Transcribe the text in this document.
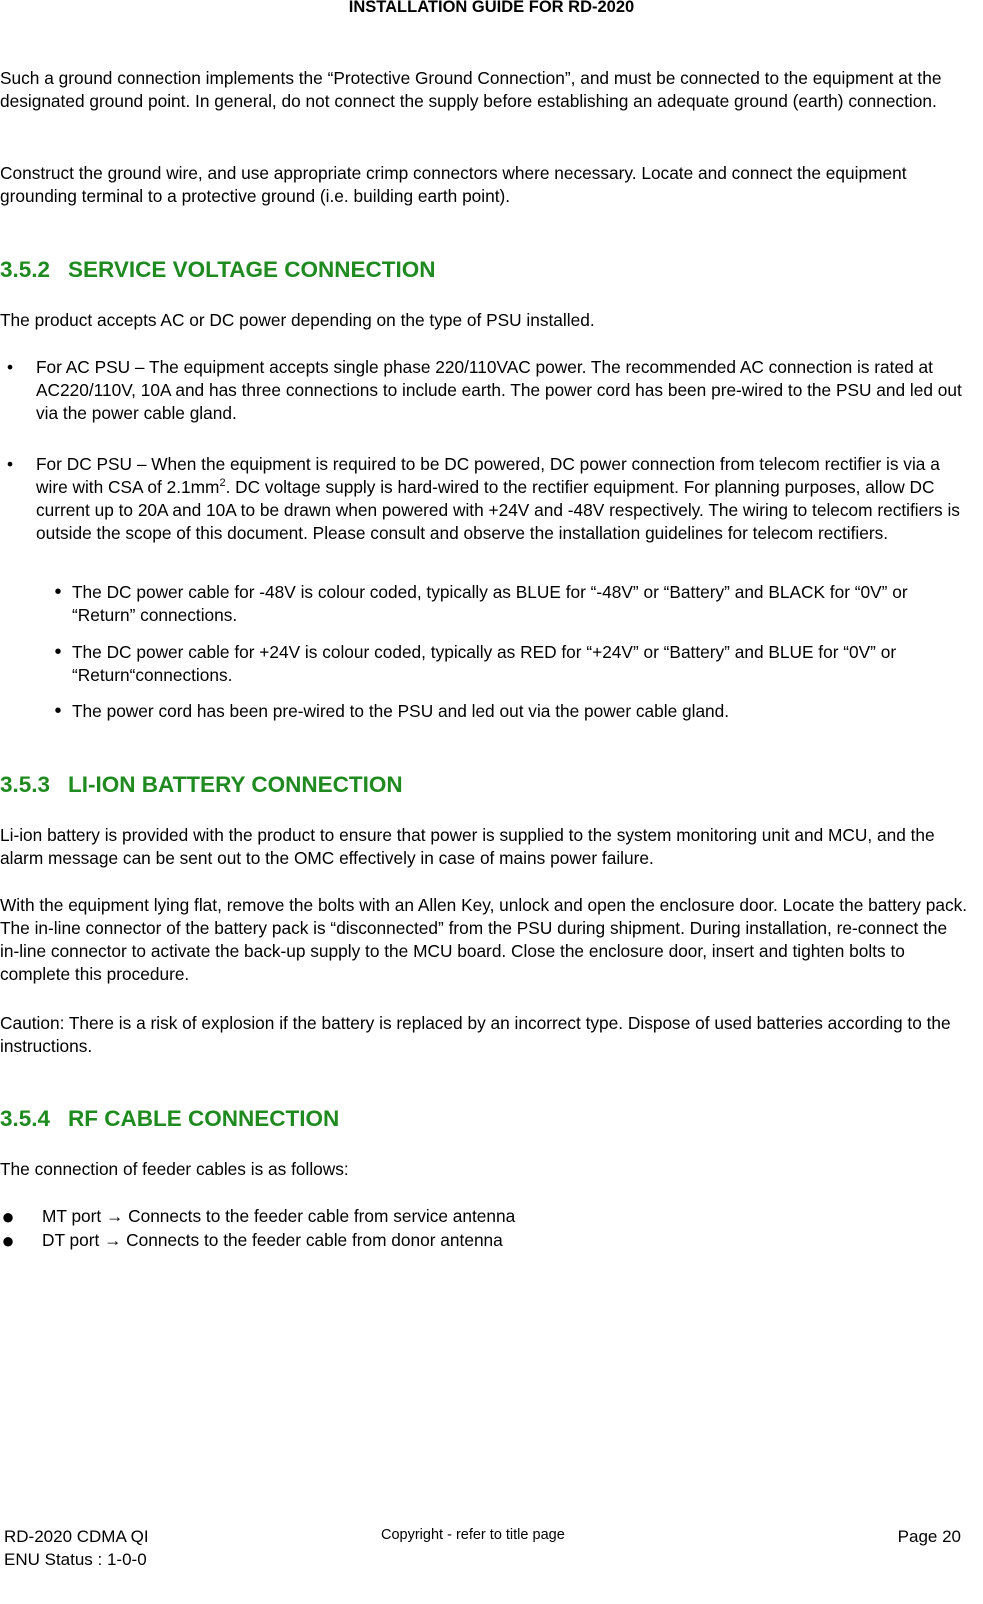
INSTALLATION GUIDE FOR RD-2020
Such a ground connection implements the “Protective Ground Connection”, and must be connected to the equipment at the designated ground point. In general, do not connect the supply before establishing an adequate ground (earth) connection.
Construct the ground wire, and use appropriate crimp connectors where necessary. Locate and connect the equipment grounding terminal to a protective ground (i.e. building earth point).
3.5.2 SERVICE VOLTAGE CONNECTION
The product accepts AC or DC power depending on the type of PSU installed.
•	For AC PSU – The equipment accepts single phase 220/110VAC power. The recommended AC connection is rated at AC220/110V, 10A and has three connections to include earth. The power cord has been pre-wired to the PSU and led out via the power cable gland.
•	For DC PSU – When the equipment is required to be DC powered, DC power connection from telecom rectifier is via a wire with CSA of $2.1mm^2$. DC voltage supply is hard-wired to the rectifier equipment. For planning purposes, allow DC current up to 20A and 10A to be drawn when powered with +24V and -48V respectively. The wiring to telecom rectifiers is outside the scope of this document. Please consult and observe the installation guidelines for telecom rectifiers.
• The DC power cable for -48V is colour coded, typically as BLUE for “-48V” or “Battery” and BLACK for “0V” or “Return” connections.
• The DC power cable for +24V is colour coded, typically as RED for “+24V” or “Battery” and BLUE for “0V” or “Return“connections.
• The power cord has been pre-wired to the PSU and led out via the power cable gland.
3.5.3 LI-ION BATTERY CONNECTION
Li-ion battery is provided with the product to ensure that power is supplied to the system monitoring unit and MCU, and the alarm message can be sent out to the OMC effectively in case of mains power failure.
With the equipment lying flat, remove the bolts with an Allen Key, unlock and open the enclosure door. Locate the battery pack. The in-line connector of the battery pack is “disconnected” from the PSU during shipment. During installation, re-connect the in-line connector to activate the back-up supply to the MCU board. Close the enclosure door, insert and tighten bolts to complete this procedure.
Caution: There is a risk of explosion if the battery is replaced by an incorrect type. Dispose of used batteries according to the instructions.
3.5.4 RF CABLE CONNECTION
The connection of feeder cables is as follows:
● MT port → Connects to the feeder cable from service antenna
● DT port → Connects to the feeder cable from donor antenna
RD-2020 CDMA QI
ENU Status : 1-0-0
Copyright - refer to title page	Page 20
